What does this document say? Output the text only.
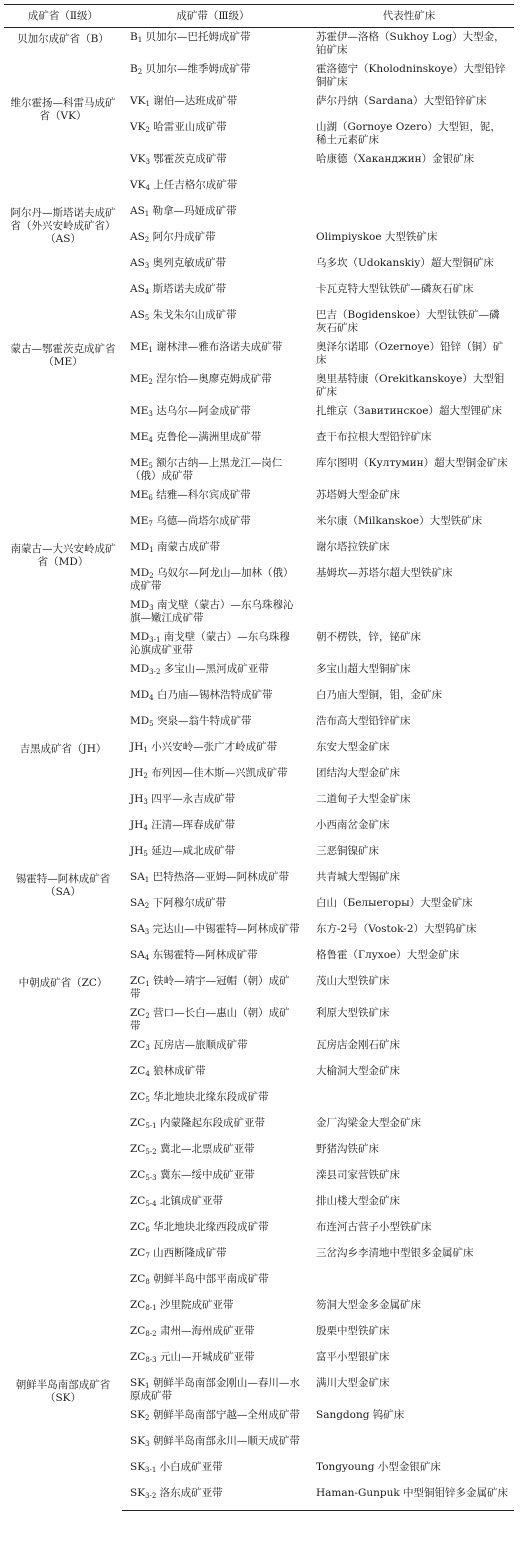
成矿省（Ⅱ级）	成矿带（Ⅲ级）	代表性矿床
贝加尔成矿省（B）	$B_1$ 贝加尔—巴托姆成矿带	苏霍伊—洛格（Sukhoy Log）大型金，铂矿床
	$B_2$ 贝加尔—维季姆成矿带	霍洛德宁（Kholodninskoye）大型铅锌铜矿床
维尔霍扬—科雷马成矿省（VK）	$VK_1$ 谢伯—达班成矿带	萨尔丹纳（Sardana）大型铅锌矿床
	$VK_2$ 哈雷亚山成矿带	山湖（Gornoye Ozero）大型钽，铌，稀土元素矿床
	$VK_3$ 鄂霍茨克成矿带	哈康德（Хаканджин）金银矿床
	$VK_4$ 上任吉格尔成矿带	
阿尔丹—斯塔诺夫成矿省（外兴安岭成矿省）（AS）	$AS_1$ 勒拿—玛娅成矿带	
	$AS_2$ 阿尔丹成矿带	Olimpiyskoe 大型铁矿床
	$AS_3$ 奥列克敏成矿带	乌多坎（Udokanskiy）超大型铜矿床
	$AS_4$ 斯塔诺夫成矿带	卡瓦克特大型钛铁矿—磷灰石矿床
	$AS_5$ 朱戈朱尔山成矿带	巴吉（Bogidenskoe）大型钛铁矿—磷灰石矿床
蒙古—鄂霍茨克成矿省（ME）	$ME_1$ 谢林津—雅布洛诺夫成矿带	奥泽尔诺耶（Ozernoye）铅锌（铜）矿床
	$ME_2$ 涅尔恰—奥廖克姆成矿带	奥里基特康（Orekitkanskoye）大型钼矿床
	$ME_3$ 达乌尔—阿金成矿带	扎维京（Завитинское）超大型锂矿床
	$ME_4$ 克鲁伦—满洲里成矿带	查干布拉根大型铅锌矿床
	$ME_5$ 额尔古纳—上黑龙江—岗仁（俄）成矿带	库尔图明（Култумин）超大型铜金矿床
	$ME_6$ 结雅—科尔宾成矿带	苏塔姆大型金矿床
	$ME_7$ 乌德—尚塔尔成矿带	米尔康（Milkanskoe）大型铁矿床
南蒙古—大兴安岭成矿省（MD）	$MD_1$ 南蒙古成矿带	谢尔塔拉铁矿床
	$MD_2$ 乌奴尔—阿龙山—加林（俄）成矿带	基姆坎—苏塔尔超大型铁矿床
	$MD_3$ 南戈壁（蒙古）—东乌珠穆沁旗—嫩江成矿带	
	$MD_{3-1}$ 南戈壁（蒙古）—东乌珠穆沁旗成矿亚带	朝不楞铁，锌，铋矿床
	$MD_{3-2}$ 多宝山—黑河成矿亚带	多宝山超大型铜矿床
	$MD_4$ 白乃庙—锡林浩特成矿带	白乃庙大型铜，钼，金矿床
	$MD_5$ 突泉—翁牛特成矿带	浩布高大型铅锌矿床
吉黑成矿省（JH）	$JH_1$ 小兴安岭—张广才岭成矿带	东安大型金矿床
	$JH_2$ 布列因—佳木斯—兴凯成矿带	团结沟大型金矿床
	$JH_3$ 四平—永吉成矿带	二道甸子大型金矿床
	$JH_4$ 汪清—珲春成矿带	小西南岔金矿床
	$JH_5$ 延边—咸北成矿带	三恶铜镍矿床
锡霍特—阿林成矿省（SA）	$SA_1$ 巴特热洛—亚姆—阿林成矿带	共青城大型锡矿床
	$SA_2$ 下阿穆尔成矿带	白山（Белыегоры）大型金矿床
	$SA_3$ 完达山—中锡霍特—阿林成矿带	东方-2号（Vostok-2）大型钨矿床
	$SA_4$ 东锡霍特—阿林成矿带	格鲁霍（Глухое）大型金矿床
中朝成矿省（ZC）	$ZC_1$ 铁岭—靖宇—冠帽（朝）成矿带	茂山大型铁矿床
	$ZC_2$ 营口—长白—惠山（朝）成矿带	利原大型铁矿床
	$ZC_3$ 瓦房店—旅顺成矿带	瓦房店金刚石矿床
	$ZC_4$ 狼林成矿带	大榆洞大型金矿床
	$ZC_5$ 华北地块北缘东段成矿带	
	$ZC_{5-1}$ 内蒙隆起东段成矿亚带	金厂沟梁金大型金矿床
	$ZC_{5-2}$ 冀北—北票成矿亚带	野猪沟铁矿床
	$ZC_{5-3}$ 冀东—绥中成矿亚带	滦县司家营铁矿床
	$ZC_{5-4}$ 北镇成矿亚带	排山楼大型金矿床
	$ZC_6$ 华北地块北缘西段成矿带	布连河古营子小型铁矿床
	$ZC_7$ 山西断隆成矿带	三岔沟乡李清地中型银多金属矿床
	$ZC_8$ 朝鲜半岛中部平南成矿带	
	$ZC_{8-1}$ 沙里院成矿亚带	笏洞大型金多金属矿床
	$ZC_{8-2}$ 肃州—海州成矿亚带	殷栗中型铁矿床
	$ZC_{8-3}$ 元山—开城成矿亚带	富平小型银矿床
朝鲜半岛南部成矿省（SK）	$SK_1$ 朝鲜半岛南部金刚山—春川—水原成矿带	满川大型金矿床
	$SK_2$ 朝鲜半岛南部宁越—全州成矿带	Sangdong 钨矿床
	$SK_3$ 朝鲜半岛南部永川—顺天成矿带	
	$SK_{3-1}$ 小白成矿亚带	Tongyoung 小型金银矿床
	$SK_{3-2}$ 洛东成矿亚带	Haman-Gunpuk 中型铜钼锌多金属矿床
